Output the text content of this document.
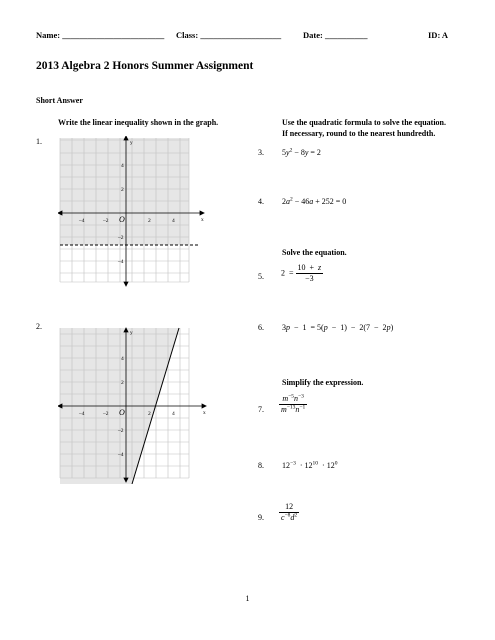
Name: ________________________ Class: ___________________	Date: __________	ID: A
2013 Algebra 2 Honors Summer Assignment
Short Answer
Write the linear inequality shown in the graph.
1.
2.
y
x
O
–4	–2	2	4
4
2
–2
–4
y
x
O
–4	–2	2	4
4
2
–2
–4
Use the quadratic formula to solve the equation.
If necessary, round to the nearest hundredth.
3. $5y^2 - 8y = 2$
4. $2a^2 - 46a + 252 = 0$
Solve the equation.
5. $2 = \frac{10 + z}{-3}$
6. 3p  −  1  = 5(p  −  1)  −  2(7  −  2p)
Simplify the expression.
7. $\frac{m^{-5}n^{-3}}{m^{-13}n^{-1}}$
8. $12^{-3} \cdot 12^{10} \cdot 12^0$
9. $\frac{12}{c^{-8}d^2}$
1
